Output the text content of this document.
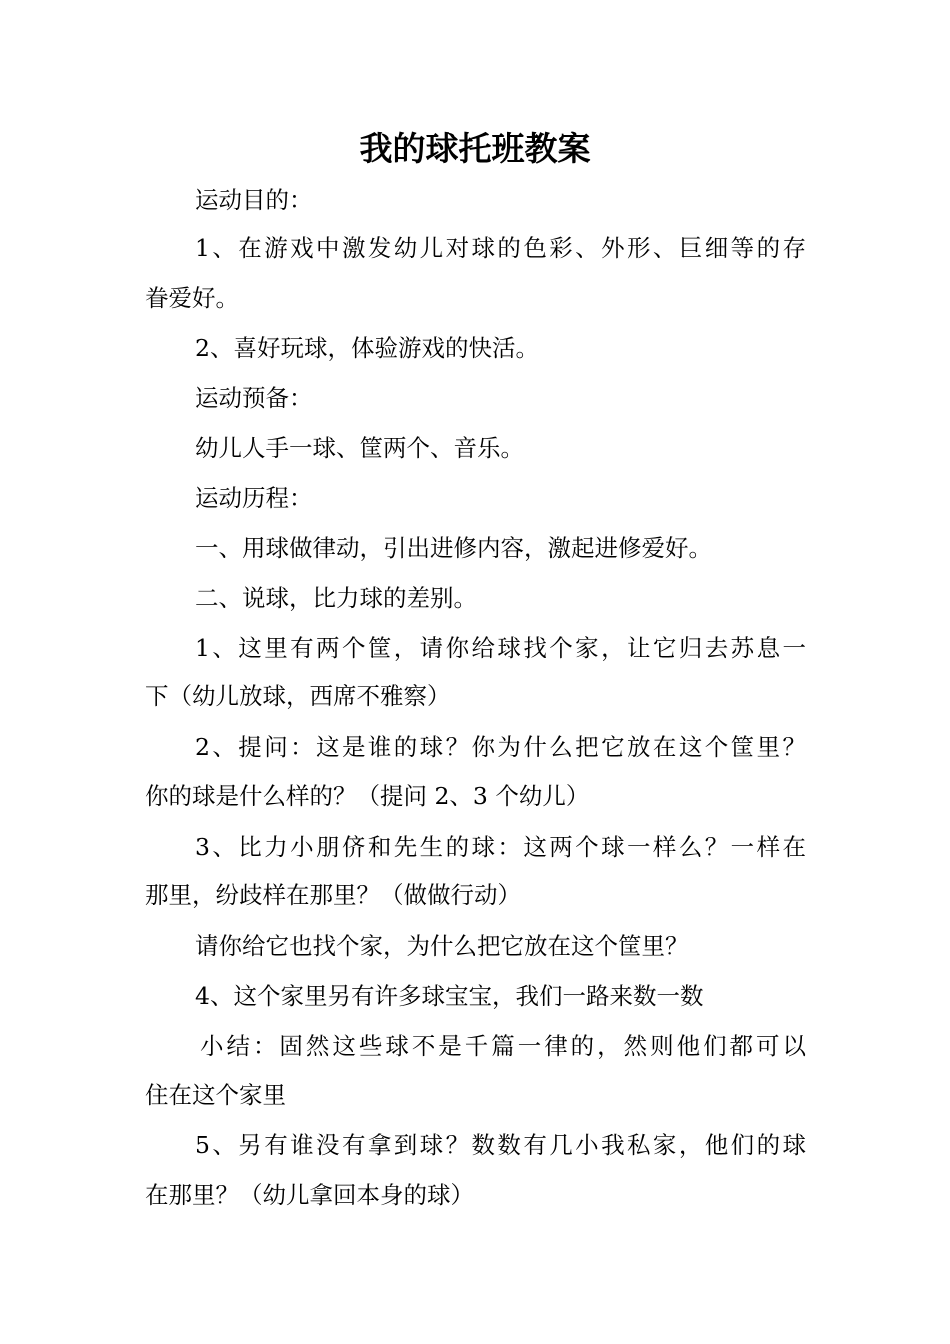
我的球托班教案
运动目的：
1、在游戏中激发幼儿对球的色彩、外形、巨细等的存
眷爱好。
2、喜好玩球，体验游戏的快活。
运动预备：
幼儿人手一球、筐两个、音乐。
运动历程：
一、用球做律动，引出进修内容，激起进修爱好。
二、说球，比力球的差别。
1、这里有两个筐，请你给球找个家，让它归去苏息一
下（幼儿放球，西席不雅察）
2、提问：这是谁的球？你为什么把它放在这个筐里？
你的球是什么样的？（提问 2、3 个幼儿）
3、比力小朋侪和先生的球：这两个球一样么？一样在
那里，纷歧样在那里？（做做行动）
请你给它也找个家，为什么把它放在这个筐里？
4、这个家里另有许多球宝宝，我们一路来数一数
小结：固然这些球不是千篇一律的，然则他们都可以
住在这个家里
5、另有谁没有拿到球？数数有几小我私家，他们的球
在那里？（幼儿拿回本身的球）
